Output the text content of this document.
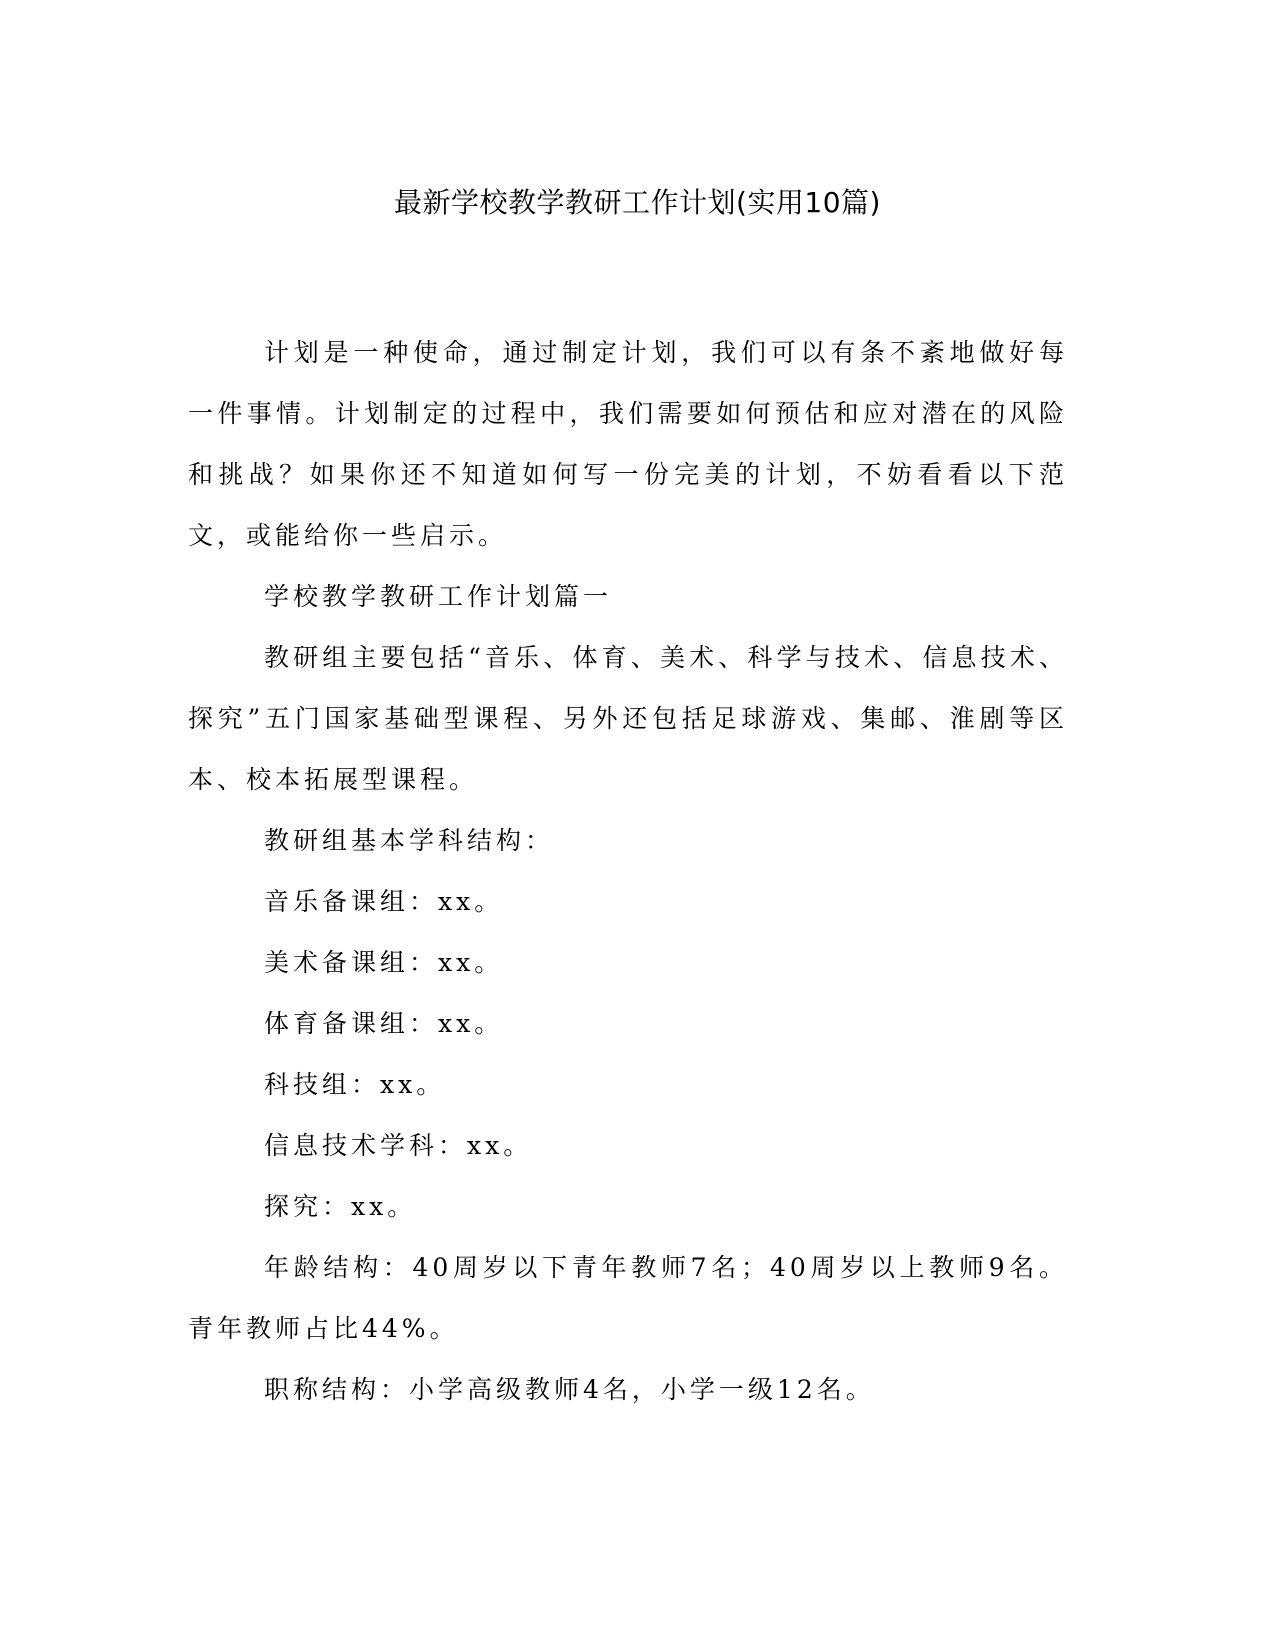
最新学校教学教研工作计划(实用10篇)

计划是一种使命，通过制定计划，我们可以有条不紊地做好每一件事情。计划制定的过程中，我们需要如何预估和应对潜在的风险和挑战？如果你还不知道如何写一份完美的计划，不妨看看以下范文，或能给你一些启示。

学校教学教研工作计划篇一

教研组主要包括“音乐、体育、美术、科学与技术、信息技术、探究”五门国家基础型课程、另外还包括足球游戏、集邮、淮剧等区本、校本拓展型课程。

教研组基本学科结构：

音乐备课组：xx。

美术备课组：xx。

体育备课组：xx。

科技组：xx。

信息技术学科：xx。

探究：xx。

年龄结构：40周岁以下青年教师7名；40周岁以上教师9名。青年教师占比44%。

职称结构：小学高级教师4名，小学一级12名。
